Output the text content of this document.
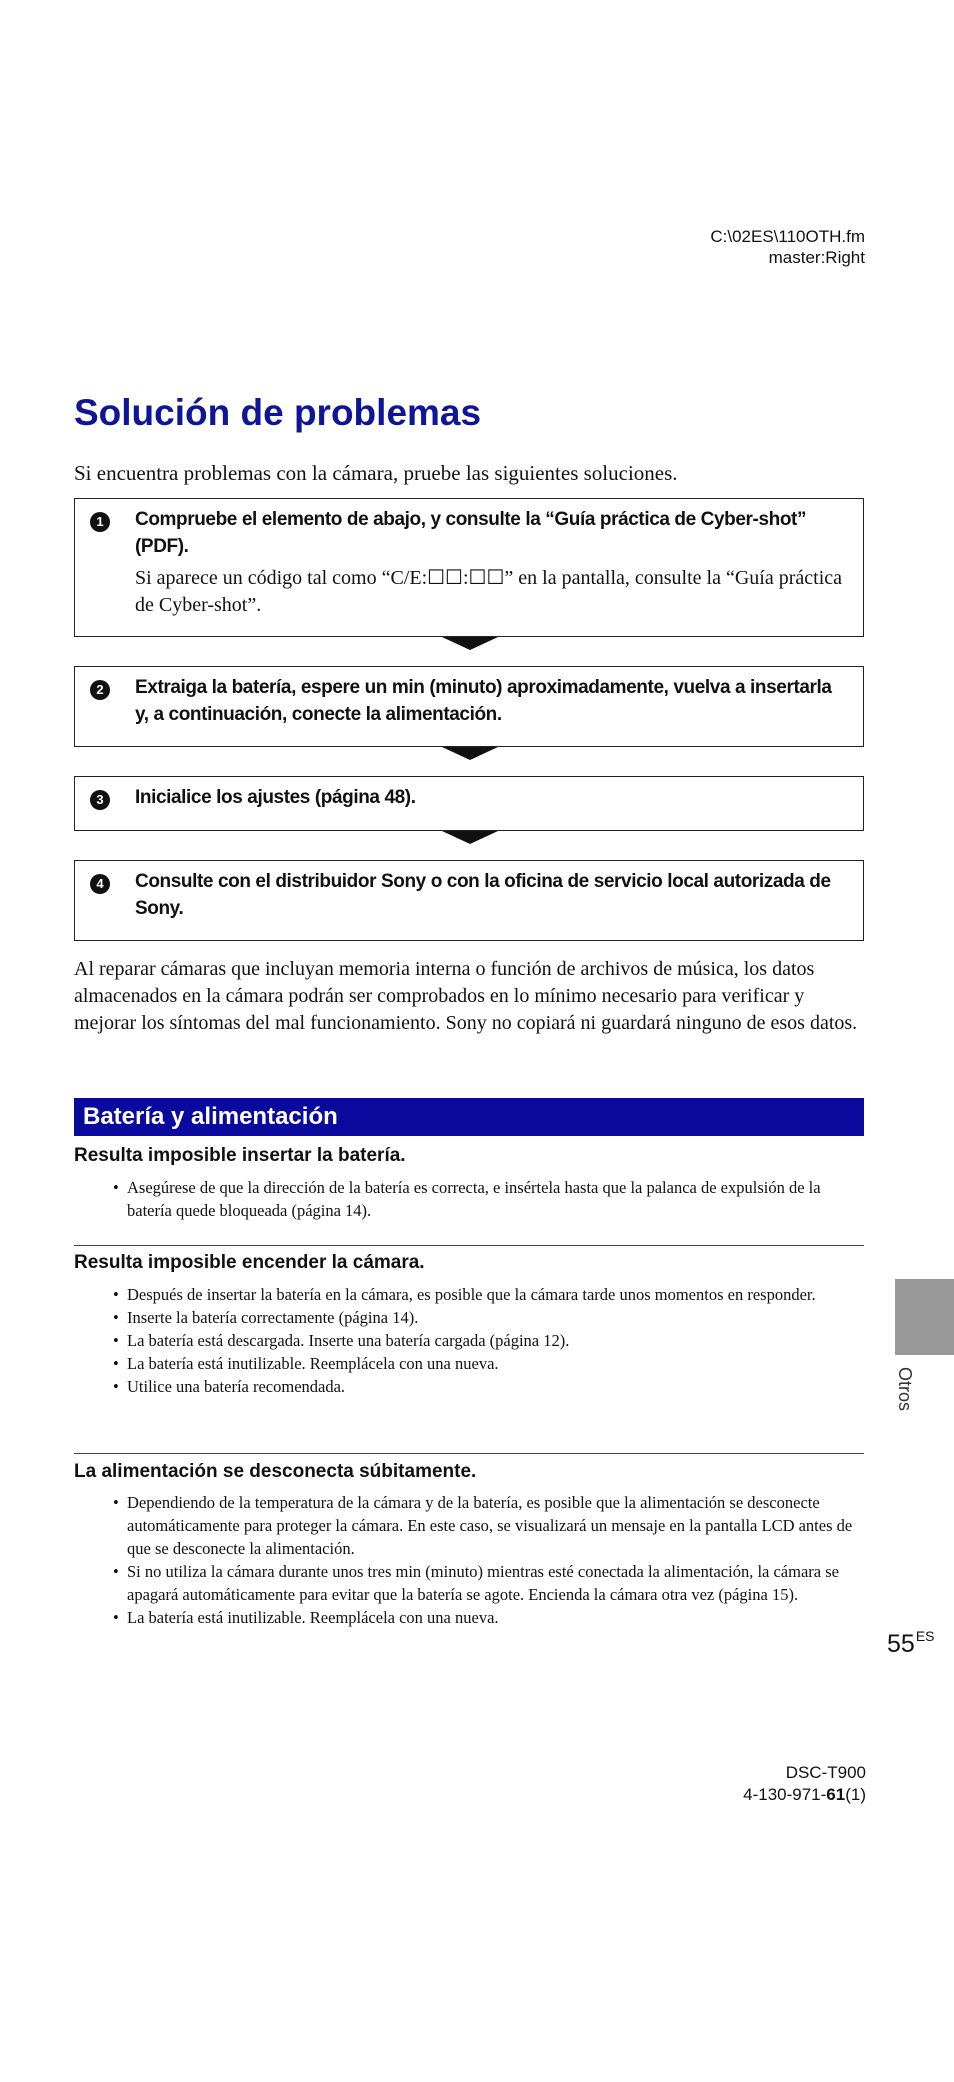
C:\02ES\110OTH.fm
master:Right
Solución de problemas
Si encuentra problemas con la cámara, pruebe las siguientes soluciones.
1	Compruebe el elemento de abajo, y consulte la “Guía práctica de Cyber-shot” (PDF).
Si aparece un código tal como “C/E:☐☐:☐☐” en la pantalla, consulte la “Guía práctica de Cyber-shot”.
2	Extraiga la batería, espere un min (minuto) aproximadamente, vuelva a insertarla y, a continuación, conecte la alimentación.
3	Inicialice los ajustes (página 48).
4	Consulte con el distribuidor Sony o con la oficina de servicio local autorizada de Sony.
Al reparar cámaras que incluyan memoria interna o función de archivos de música, los datos almacenados en la cámara podrán ser comprobados en lo mínimo necesario para verificar y mejorar los síntomas del mal funcionamiento. Sony no copiará ni guardará ninguno de esos datos.
Batería y alimentación
Resulta imposible insertar la batería.
• Asegúrese de que la dirección de la batería es correcta, e insértela hasta que la palanca de expulsión de la batería quede bloqueada (página 14).
Resulta imposible encender la cámara.
• Después de insertar la batería en la cámara, es posible que la cámara tarde unos momentos en responder.
• Inserte la batería correctamente (página 14).
• La batería está descargada. Inserte una batería cargada (página 12).
• La batería está inutilizable. Reemplácela con una nueva.
• Utilice una batería recomendada.
La alimentación se desconecta súbitamente.
• Dependiendo de la temperatura de la cámara y de la batería, es posible que la alimentación se desconecte automáticamente para proteger la cámara. En este caso, se visualizará un mensaje en la pantalla LCD antes de que se desconecte la alimentación.
• Si no utiliza la cámara durante unos tres min (minuto) mientras esté conectada la alimentación, la cámara se apagará automáticamente para evitar que la batería se agote. Encienda la cámara otra vez (página 15).
• La batería está inutilizable. Reemplácela con una nueva.
Otros
$55^{ES}$
DSC-T900
4-130-971-61(1)
